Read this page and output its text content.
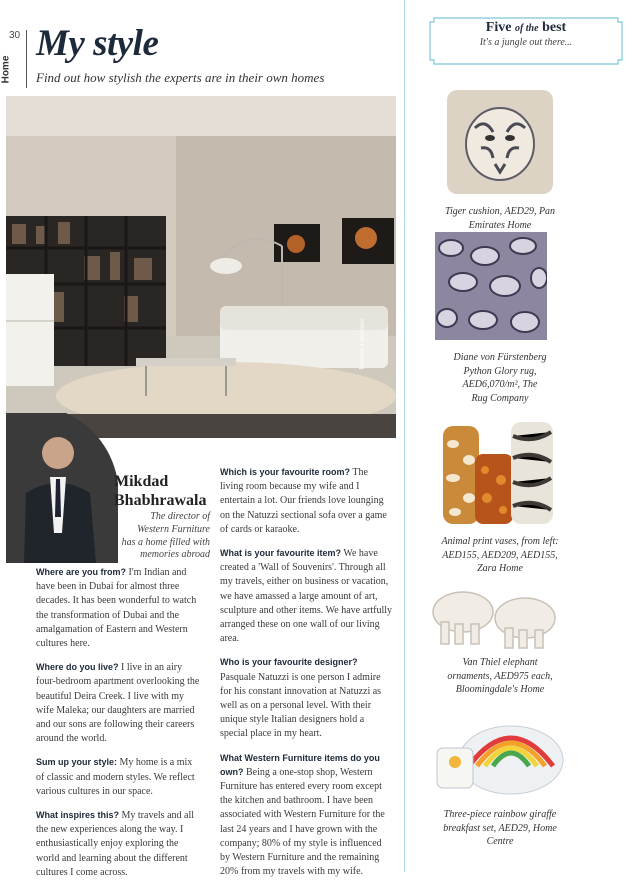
30
Home
My style
Find out how stylish the experts are in their own homes
Western Furniture
Mikdad
Bhabhrawala
The director of
Western Furniture
has a home filled with
memories abroad

Where are you from? I'm Indian and have been in Dubai for almost three decades. It has been wonderful to watch the transformation of Dubai and the amalgamation of Eastern and Western cultures here.

Where do you live? I live in an airy four-bedroom apartment overlooking the beautiful Deira Creek. I live with my wife Maleka; our daughters are married and our sons are following their careers around the world.

Sum up your style: My home is a mix of classic and modern styles. We reflect various cultures in our space.

What inspires this? My travels and all the new experiences along the way. I enthusiastically enjoy exploring the world and learning about the different cultures I come across.

Which is your favourite room? The living room because my wife and I entertain a lot. Our friends love lounging on the Natuzzi sectional sofa over a game of cards or karaoke.

What is your favourite item? We have created a 'Wall of Souvenirs'. Through all my travels, either on business or vacation, we have amassed a large amount of art, sculpture and other items. We have artfully arranged these on one wall of our living area.

Who is your favourite designer? Pasquale Natuzzi is one person I admire for his constant innovation at Natuzzi as well as on a personal level. With their unique style Italian designers hold a special place in my heart.

What Western Furniture items do you own? Being a one-stop shop, Western Furniture has entered every room except the kitchen and bathroom. I have been associated with Western Furniture for the last 24 years and I have grown with the company; 80% of my style is influenced by Western Furniture and the remaining 20% from my travels with my wife.

Five of the best
It's a jungle out there...
Tiger cushion, AED29, Pan
Emirates Home
Diane von Fürstenberg
Python Glory rug,
AED6,070/m², The
Rug Company
Animal print vases, from left:
AED155, AED209, AED155,
Zara Home
Van Thiel elephant
ornaments, AED975 each,
Bloomingdale's Home
Three-piece rainbow giraffe
breakfast set, AED29, Home
Centre
